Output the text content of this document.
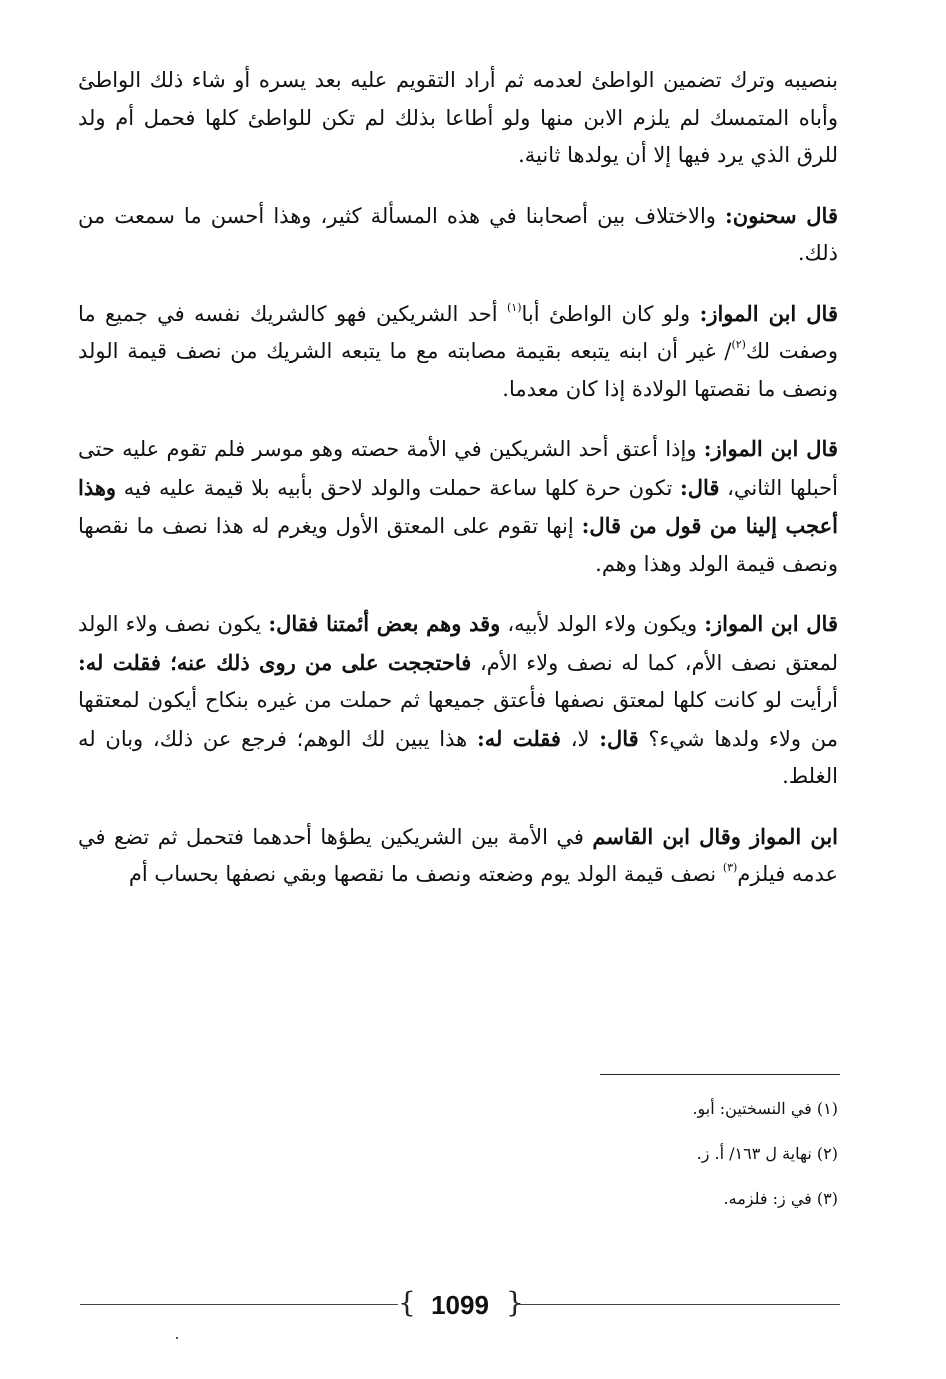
بنصيبه وترك تضمين الواطئ لعدمه ثم أراد التقويم عليه بعد يسره أو شاء ذلك الواطئ وأباه المتمسك لم يلزم الابن منها ولو أطاعا بذلك لم تكن للواطئ كلها فحمل أم ولد للرق الذي يرد فيها إلا أن يولدها ثانية.

قال سحنون: والاختلاف بين أصحابنا في هذه المسألة كثير، وهذا أحسن ما سمعت من ذلك.

قال ابن المواز: ولو كان الواطئ أبا$^{(١)}$ أحد الشريكين فهو كالشريك نفسه في جميع ما وصفت لك$^{(٢)}$/ غير أن ابنه يتبعه بقيمة مصابته مع ما يتبعه الشريك من نصف قيمة الولد ونصف ما نقصتها الولادة إذا كان معدما.

قال ابن المواز: وإذا أعتق أحد الشريكين في الأمة حصته وهو موسر فلم تقوم عليه حتى أحبلها الثاني، قال: تكون حرة كلها ساعة حملت والولد لاحق بأبيه بلا قيمة عليه فيه وهذا أعجب إلينا من قول من قال: إنها تقوم على المعتق الأول ويغرم له هذا نصف ما نقصها ونصف قيمة الولد وهذا وهم.

قال ابن المواز: ويكون ولاء الولد لأبيه، وقد وهم بعض أئمتنا فقال: يكون نصف ولاء الولد لمعتق نصف الأم، كما له نصف ولاء الأم، فاحتججت على من روى ذلك عنه؛ فقلت له: أرأيت لو كانت كلها لمعتق نصفها فأعتق جميعها ثم حملت من غيره بنكاح أيكون لمعتقها من ولاء ولدها شيء؟ قال: لا، فقلت له: هذا يبين لك الوهم؛ فرجع عن ذلك، وبان له الغلط.

ابن المواز وقال ابن القاسم في الأمة بين الشريكين يطؤها أحدهما فتحمل ثم تضع في عدمه فيلزم$^{(٣)}$ نصف قيمة الولد يوم وضعته ونصف ما نقصها وبقي نصفها بحساب أم

(١) في النسختين: أبو.
(٢) نهاية ل ١٦٣/ أ. ز.
(٣) في ز: فلزمه.
{ 1099 }
